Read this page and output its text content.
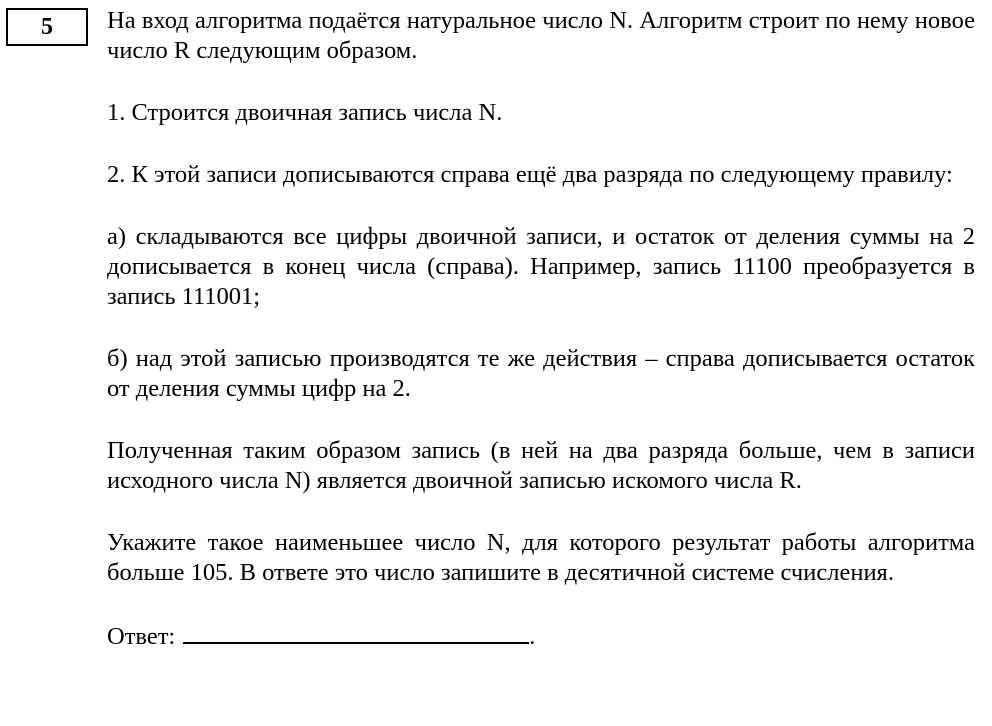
5 На вход алгоритма подаётся натуральное число N. Алгоритм строит по нему новое число R следующим образом.

1. Строится двоичная запись числа N.

2. К этой записи дописываются справа ещё два разряда по следующему правилу:

а) складываются все цифры двоичной записи, и остаток от деления суммы на 2 дописывается в конец числа (справа). Например, запись 11100 преобразуется в запись 111001;

б) над этой записью производятся те же действия – справа дописывается остаток от деления суммы цифр на 2.

Полученная таким образом запись (в ней на два разряда больше, чем в записи исходного числа N) является двоичной записью искомого числа R.

Укажите такое наименьшее число N, для которого результат работы алгоритма больше 105. В ответе это число запишите в десятичной системе счисления.

Ответ:	.
